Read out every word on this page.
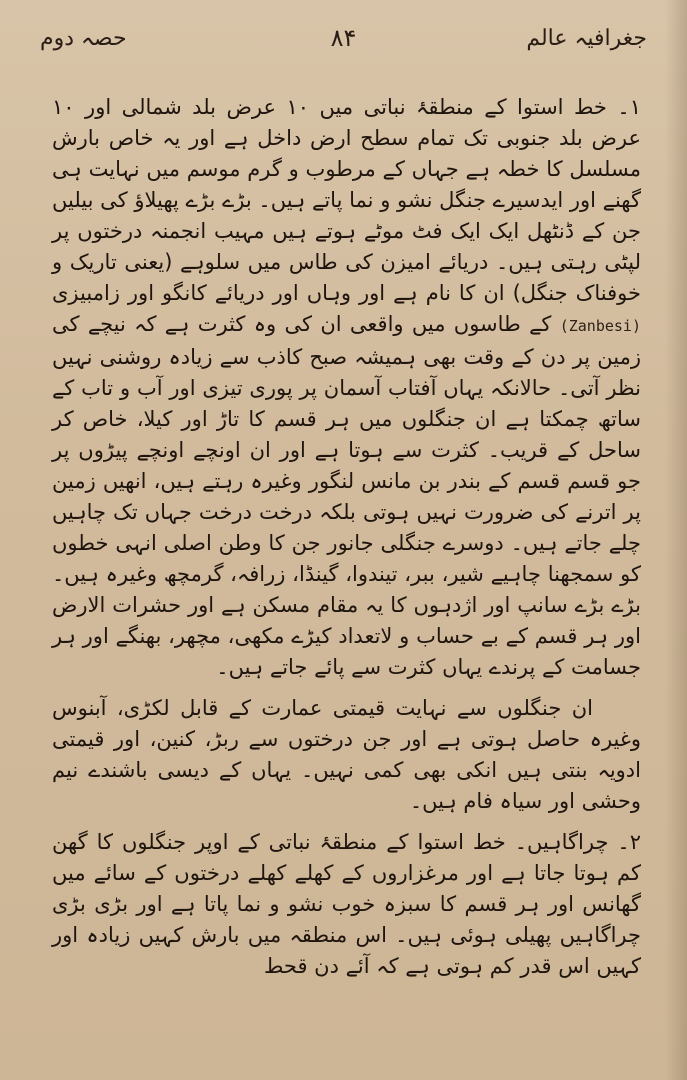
جغرافیہ عالم
۸۴
حصہ دوم

۱۔ خط استوا کے منطقۂ نباتی میں ۱۰ عرض بلد شمالی اور ۱۰ عرض بلد جنوبی تک تمام سطح ارض داخل ہے اور یہ خاص بارش مسلسل کا خطہ ہے جہاں کے مرطوب و گرم موسم میں نہایت ہی گھنے اور ایدسیرے جنگل نشو و نما پاتے ہیں۔ بڑے بڑے پھیلاؤ کی بیلیں جن کے ڈنٹھل ایک ایک فٹ موٹے ہوتے ہیں مہیب انجمنہ درختوں پر لپٹی رہتی ہیں۔ دریائے امیزن کی طاس میں سلوہے (یعنی تاریک و خوفناک جنگل) ان کا نام ہے اور وہاں اور دریائے کانگو اور زامبیزی (Zanbesi) کے طاسوں میں واقعی ان کی وہ کثرت ہے کہ نیچے کی زمین پر دن کے وقت بھی ہمیشہ صبح کاذب سے زیادہ روشنی نہیں نظر آتی۔ حالانکہ یہاں آفتاب آسمان پر پوری تیزی اور آب و تاب کے ساتھ چمکتا ہے ان جنگلوں میں ہر قسم کا تاڑ اور کیلا، خاص کر ساحل کے قریب۔ کثرت سے ہوتا ہے اور ان اونچے اونچے پیڑوں پر جو قسم قسم کے بندر بن مانس لنگور وغیرہ رہتے ہیں، انھیں زمین پر اترنے کی ضرورت نہیں ہوتی بلکہ درخت درخت جہاں تک چاہیں چلے جاتے ہیں۔ دوسرے جنگلی جانور جن کا وطن اصلی انہی خطوں کو سمجھنا چاہیے شیر، ببر، تیندوا، گینڈا، زرافہ، گرمچھ وغیرہ ہیں۔ بڑے بڑے سانپ اور اژدہوں کا یہ مقام مسکن ہے اور حشرات الارض اور ہر قسم کے بے حساب و لاتعداد کیڑے مکھی، مچھر، بھنگے اور ہر جسامت کے پرندے یہاں کثرت سے پائے جاتے ہیں۔

ان جنگلوں سے نہایت قیمتی عمارت کے قابل لکڑی، آبنوس وغیرہ حاصل ہوتی ہے اور جن درختوں سے ربڑ، کنین، اور قیمتی ادویہ بنتی ہیں انکی بھی کمی نہیں۔ یہاں کے دیسی باشندے نیم وحشی اور سیاہ فام ہیں۔

۲۔ چراگاہیں۔ خط استوا کے منطقۂ نباتی کے اوپر جنگلوں کا گھن کم ہوتا جاتا ہے اور مرغزاروں کے کھلے کھلے درختوں کے سائے میں گھانس اور ہر قسم کا سبزہ خوب نشو و نما پاتا ہے اور بڑی بڑی چراگاہیں پھیلی ہوئی ہیں۔ اس منطقہ میں بارش کہیں زیادہ اور کہیں اس قدر کم ہوتی ہے کہ آئے دن قحط
